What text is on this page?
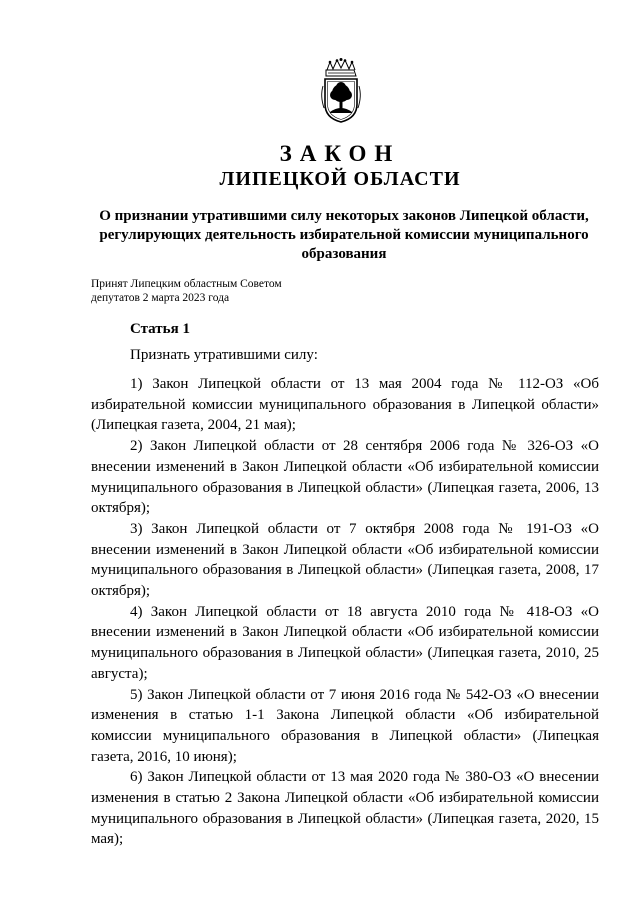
ЗАКОН
ЛИПЕЦКОЙ ОБЛАСТИ
О признании утратившими силу некоторых законов Липецкой области, регулирующих деятельность избирательной комиссии муниципального образования
Принят Липецким областным Советом
депутатов 2 марта 2023 года
Статья 1
Признать утратившими силу:

1) Закон Липецкой области от 13 мая 2004 года № 112-ОЗ «Об избирательной комиссии муниципального образования в Липецкой области» (Липецкая газета, 2004, 21 мая);

2) Закон Липецкой области от 28 сентября 2006 года № 326-ОЗ «О внесении изменений в Закон Липецкой области «Об избирательной комиссии муниципального образования в Липецкой области» (Липецкая газета, 2006, 13 октября);

3) Закон Липецкой области от 7 октября 2008 года № 191-ОЗ «О внесении изменений в Закон Липецкой области «Об избирательной комиссии муниципального образования в Липецкой области» (Липецкая газета, 2008, 17 октября);

4) Закон Липецкой области от 18 августа 2010 года № 418-ОЗ «О внесении изменений в Закон Липецкой области «Об избирательной комиссии муниципального образования в Липецкой области» (Липецкая газета, 2010, 25 августа);

5) Закон Липецкой области от 7 июня 2016 года № 542-ОЗ «О внесении изменения в статью 1-1 Закона Липецкой области «Об избирательной комиссии муниципального образования в Липецкой области» (Липецкая газета, 2016, 10 июня);

6) Закон Липецкой области от 13 мая 2020 года № 380-ОЗ «О внесении изменения в статью 2 Закона Липецкой области «Об избирательной комиссии муниципального образования в Липецкой области» (Липецкая газета, 2020, 15 мая);
